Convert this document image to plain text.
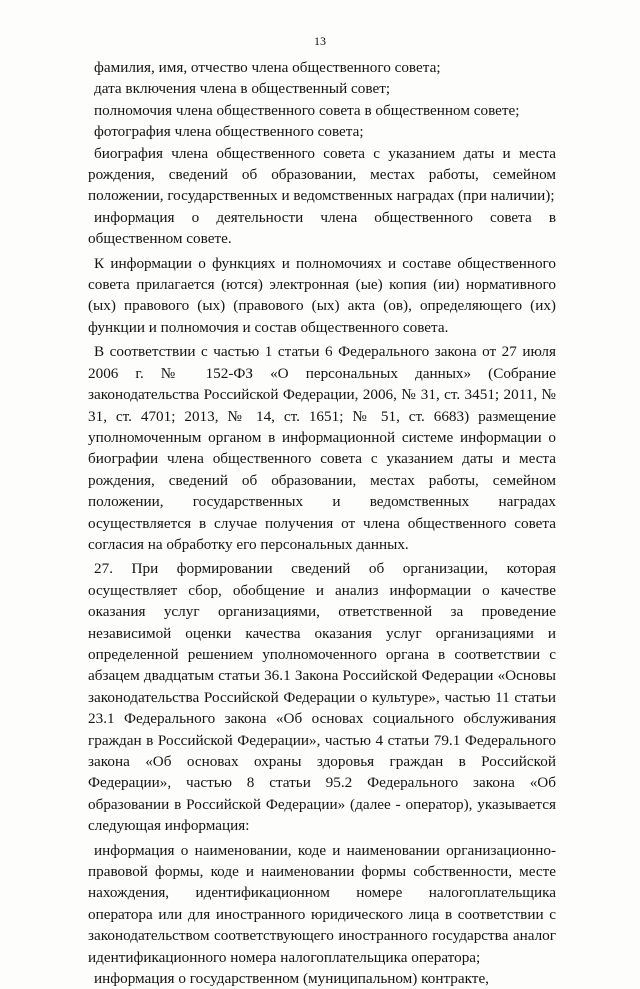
13

фамилия, имя, отчество члена общественного совета;

дата включения члена в общественный совет;

полномочия члена общественного совета в общественном совете;

фотография члена общественного совета;

биография члена общественного совета с указанием даты и места рождения, сведений об образовании, местах работы, семейном положении, государственных и ведомственных наградах (при наличии);

информация о деятельности члена общественного совета в общественном совете.

К информации о функциях и полномочиях и составе общественного совета прилагается (ются) электронная (ые) копия (ии) нормативного (ых) правового (ых) (правового (ых) акта (ов), определяющего (их) функции и полномочия и состав общественного совета.

В соответствии с частью 1 статьи 6 Федерального закона от 27 июля 2006 г. № 152-ФЗ «О персональных данных» (Собрание законодательства Российской Федерации, 2006, № 31, ст. 3451; 2011, № 31, ст. 4701; 2013, № 14, ст. 1651; № 51, ст. 6683) размещение уполномоченным органом в информационной системе информации о биографии члена общественного совета с указанием даты и места рождения, сведений об образовании, местах работы, семейном положении, государственных и ведомственных наградах осуществляется в случае получения от члена общественного совета согласия на обработку его персональных данных.

27. При формировании сведений об организации, которая осуществляет сбор, обобщение и анализ информации о качестве оказания услуг организациями, ответственной за проведение независимой оценки качества оказания услуг организациями и определенной решением уполномоченного органа в соответствии с абзацем двадцатым статьи 36.1 Закона Российской Федерации «Основы законодательства Российской Федерации о культуре», частью 11 статьи 23.1 Федерального закона «Об основах социального обслуживания граждан в Российской Федерации», частью 4 статьи 79.1 Федерального закона «Об основах охраны здоровья граждан в Российской Федерации», частью 8 статьи 95.2 Федерального закона «Об образовании в Российской Федерации» (далее - оператор), указывается следующая информация:

информация о наименовании, коде и наименовании организационно-правовой формы, коде и наименовании формы собственности, месте нахождения, идентификационном номере налогоплательщика оператора или для иностранного юридического лица в соответствии с законодательством соответствующего иностранного государства аналог идентификационного номера налогоплательщика оператора;

информация о государственном (муниципальном) контракте,
